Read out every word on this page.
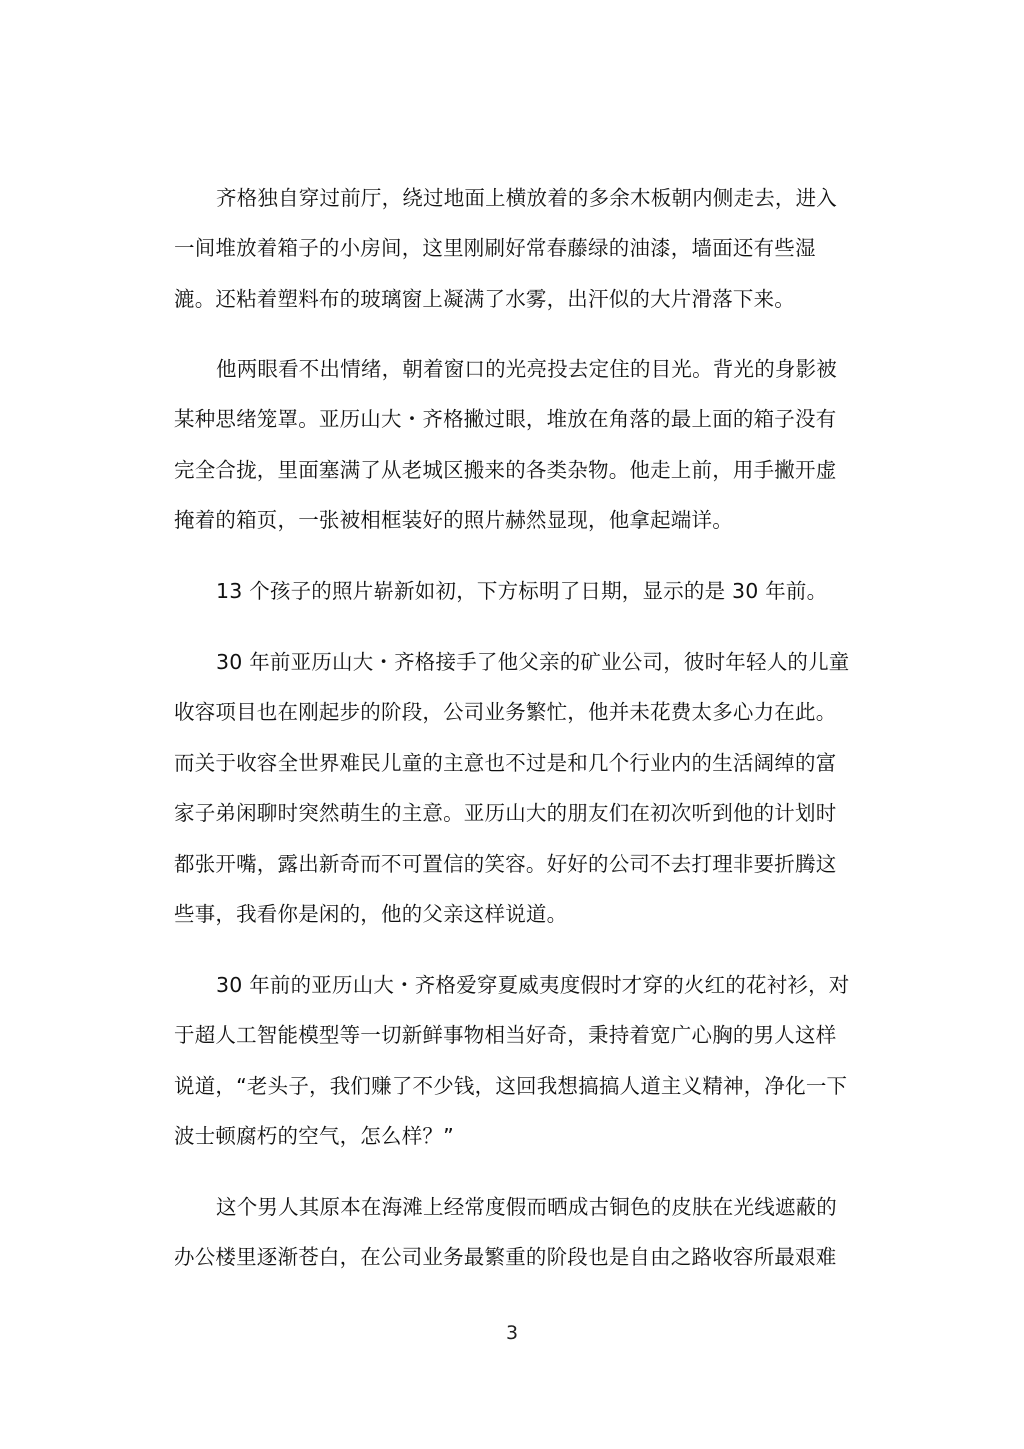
齐格独自穿过前厅，绕过地面上横放着的多余木板朝内侧走去，进入
一间堆放着箱子的小房间，这里刚刷好常春藤绿的油漆，墙面还有些湿
漉。还粘着塑料布的玻璃窗上凝满了水雾，出汗似的大片滑落下来。
他两眼看不出情绪，朝着窗口的光亮投去定住的目光。背光的身影被
某种思绪笼罩。亚历山大・齐格撇过眼，堆放在角落的最上面的箱子没有
完全合拢，里面塞满了从老城区搬来的各类杂物。他走上前，用手撇开虚
掩着的箱页，一张被相框装好的照片赫然显现，他拿起端详。
13 个孩子的照片崭新如初，下方标明了日期，显示的是 30 年前。
30 年前亚历山大・齐格接手了他父亲的矿业公司，彼时年轻人的儿童
收容项目也在刚起步的阶段，公司业务繁忙，他并未花费太多心力在此。
而关于收容全世界难民儿童的主意也不过是和几个行业内的生活阔绰的富
家子弟闲聊时突然萌生的主意。亚历山大的朋友们在初次听到他的计划时
都张开嘴，露出新奇而不可置信的笑容。好好的公司不去打理非要折腾这
些事，我看你是闲的，他的父亲这样说道。
30 年前的亚历山大・齐格爱穿夏威夷度假时才穿的火红的花衬衫，对
于超人工智能模型等一切新鲜事物相当好奇，秉持着宽广心胸的男人这样
说道，“老头子，我们赚了不少钱，这回我想搞搞人道主义精神，净化一下
波士顿腐朽的空气，怎么样？”
这个男人其原本在海滩上经常度假而晒成古铜色的皮肤在光线遮蔽的
办公楼里逐渐苍白，在公司业务最繁重的阶段也是自由之路收容所最艰难
3
